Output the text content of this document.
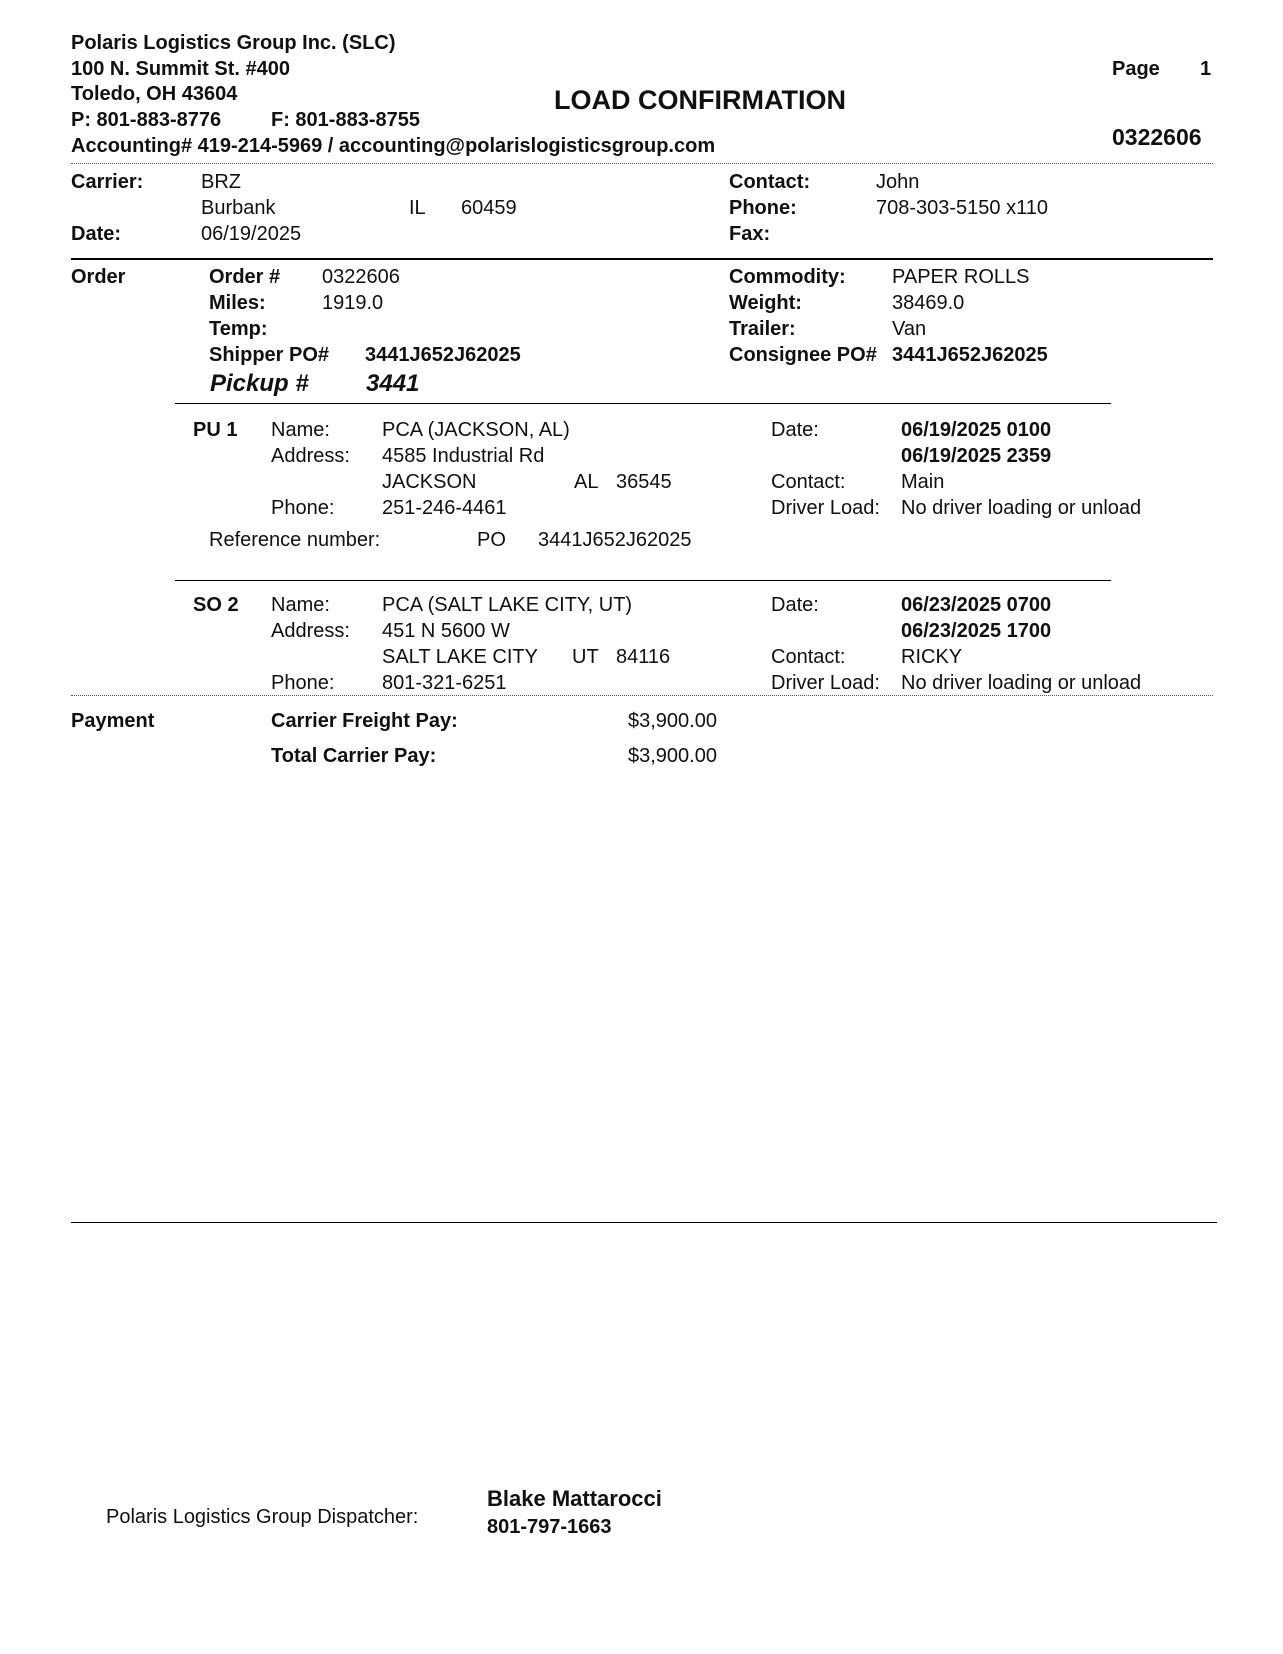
Polaris Logistics Group Inc. (SLC)
100 N. Summit St. #400
Toledo, OH 43604
P: 801-883-8776 F: 801-883-8755
Accounting# 419-214-5969 / accounting@polarislogisticsgroup.com
LOAD CONFIRMATION
Page 1
0322606
Carrier:	BRZ
Burbank	IL 60459
Date:	06/19/2025
Contact:	John
Phone:	708-303-5150 x110
Fax:
Order	Order # 0322606
Miles:	1919.0
Temp:
Shipper PO# 3441J652J62025
Pickup # 3441
Commodity: PAPER ROLLS
Weight:	38469.0
Trailer:	Van
Consignee PO# 3441J652J62025
PU 1 Name:	PCA (JACKSON, AL)
Address: 4585 Industrial Rd
JACKSON	AL 36545
Phone: 251-246-4461
Date:	06/19/2025 0100
06/19/2025 2359
Contact:	Main
Driver Load: No driver loading or unload
Reference number:	PO 3441J652J62025
SO 2 Name:	PCA (SALT LAKE CITY, UT)
Address: 451 N 5600 W
SALT LAKE CITY UT 84116
Phone: 801-321-6251
Date:	06/23/2025 0700
06/23/2025 1700
Contact:	RICKY
Driver Load: No driver loading or unload
Payment	Carrier Freight Pay:	$3,900.00
Total Carrier Pay:	$3,900.00
Polaris Logistics Group Dispatcher:
Blake Mattarocci
801-797-1663
